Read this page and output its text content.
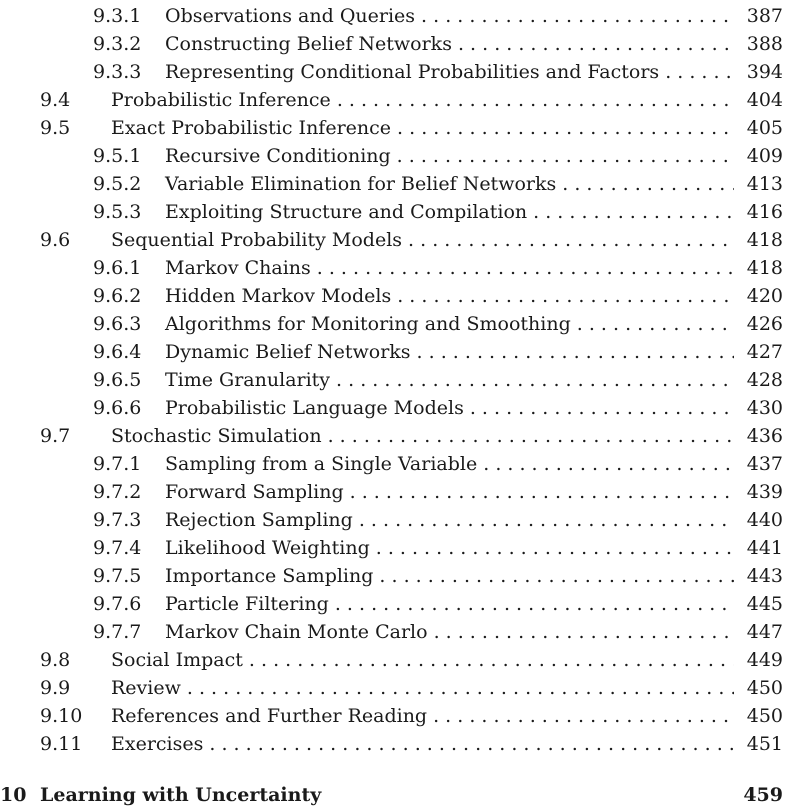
9.3.1 Observations and Queries . . .	387
9.3.2 Constructing Belief Networks . . .	388
9.3.3 Representing Conditional Probabilities and Factors . . .	394
9.4 Probabilistic Inference . . .	404
9.5 Exact Probabilistic Inference . . .	405
9.5.1 Recursive Conditioning . . .	409
9.5.2 Variable Elimination for Belief Networks . . .	413
9.5.3 Exploiting Structure and Compilation . . .	416
9.6 Sequential Probability Models . . .	418
9.6.1 Markov Chains . . .	418
9.6.2 Hidden Markov Models . . .	420
9.6.3 Algorithms for Monitoring and Smoothing . . .	426
9.6.4 Dynamic Belief Networks . . .	427
9.6.5 Time Granularity . . .	428
9.6.6 Probabilistic Language Models . . .	430
9.7 Stochastic Simulation . . .	436
9.7.1 Sampling from a Single Variable . . .	437
9.7.2 Forward Sampling . . .	439
9.7.3 Rejection Sampling . . .	440
9.7.4 Likelihood Weighting . . .	441
9.7.5 Importance Sampling . . .	443
9.7.6 Particle Filtering . . .	445
9.7.7 Markov Chain Monte Carlo . . .	447
9.8 Social Impact . . .	449
9.9 Review . . .	450
9.10 References and Further Reading . . .	450
9.11 Exercises . . .	451
10 Learning with Uncertainty	459
